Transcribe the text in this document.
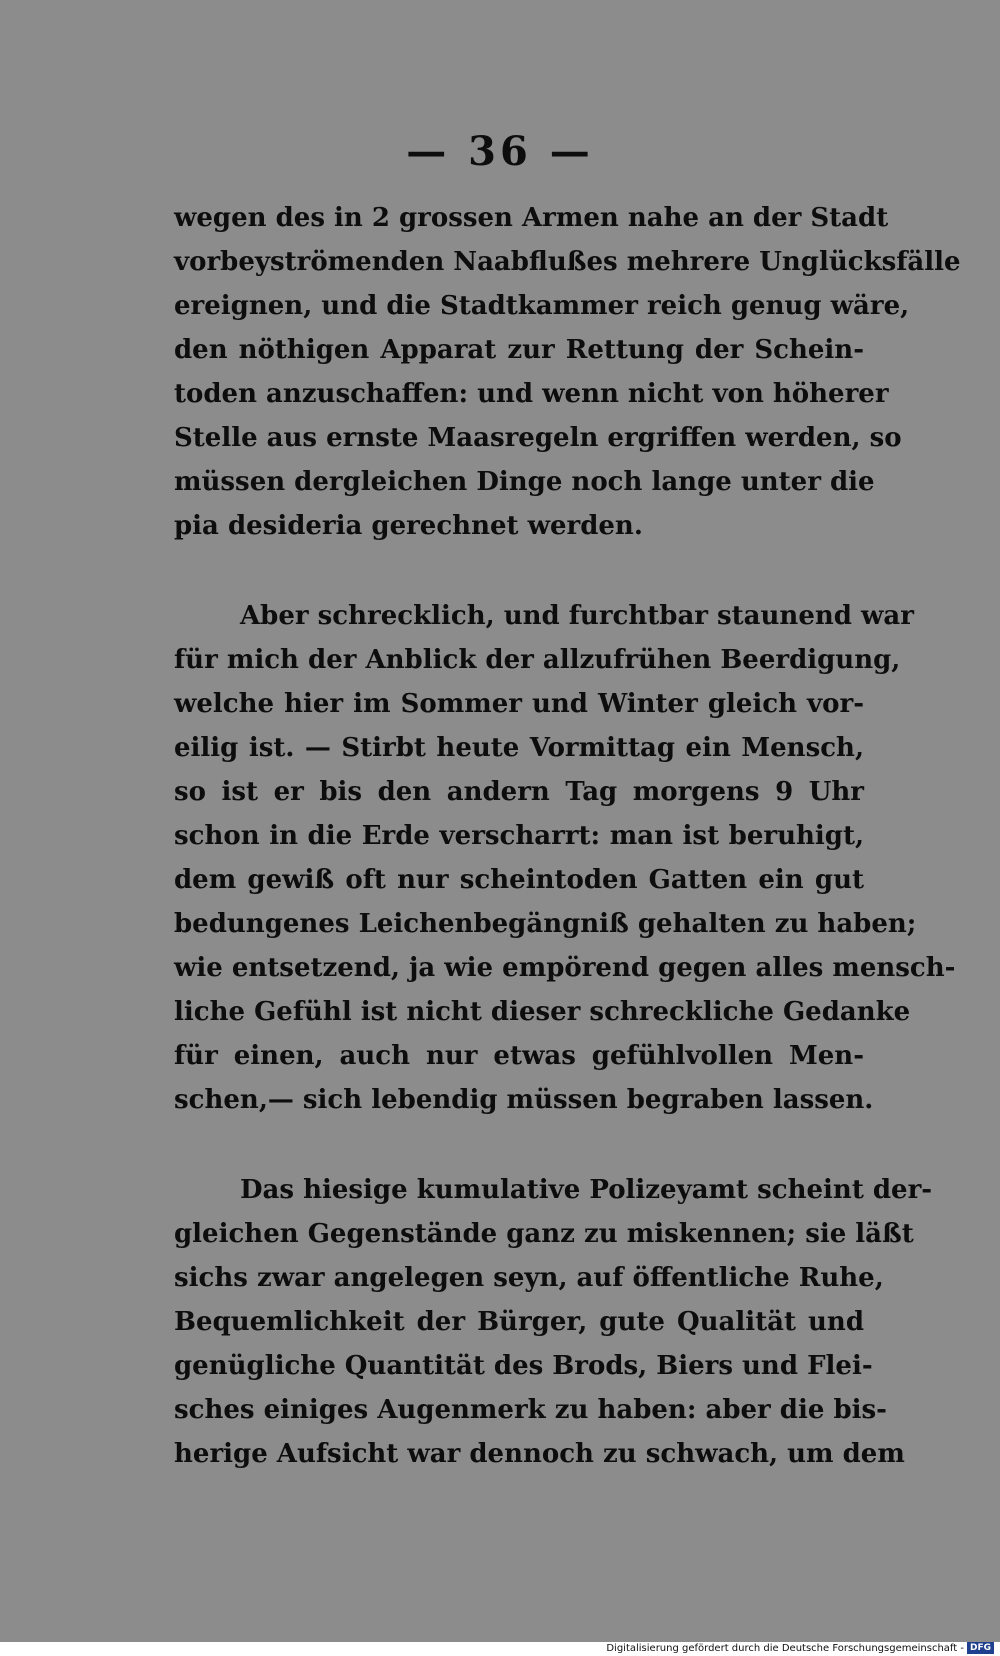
— 36 —
wegen des in 2 grossen Armen nahe an der Stadt
vorbeyströmenden Naabflußes mehrere Unglücksfälle
ereignen, und die Stadtkammer reich genug wäre,
den nöthigen Apparat zur Rettung der Schein-
toden anzuschaffen: und wenn nicht von höherer
Stelle aus ernste Maasregeln ergriffen werden, so
müssen dergleichen Dinge noch lange unter die
pia desideria gerechnet werden.
Aber schrecklich, und furchtbar staunend war
für mich der Anblick der allzufrühen Beerdigung,
welche hier im Sommer und Winter gleich vor-
eilig ist. — Stirbt heute Vormittag ein Mensch,
so ist er bis den andern Tag morgens 9 Uhr
schon in die Erde verscharrt: man ist beruhigt,
dem gewiß oft nur scheintoden Gatten ein gut
bedungenes Leichenbegängniß gehalten zu haben;
wie entsetzend, ja wie empörend gegen alles mensch-
liche Gefühl ist nicht dieser schreckliche Gedanke
für einen, auch nur etwas gefühlvollen Men-
schen,— sich lebendig müssen begraben lassen.
Das hiesige kumulative Polizeyamt scheint der-
gleichen Gegenstände ganz zu miskennen; sie läßt
sichs zwar angelegen seyn, auf öffentliche Ruhe,
Bequemlichkeit der Bürger, gute Qualität und
genügliche Quantität des Brods, Biers und Flei-
sches einiges Augenmerk zu haben: aber die bis-
herige Aufsicht war dennoch zu schwach, um dem
Digitalisierung gefördert durch die Deutsche Forschungsgemeinschaft - DFG
